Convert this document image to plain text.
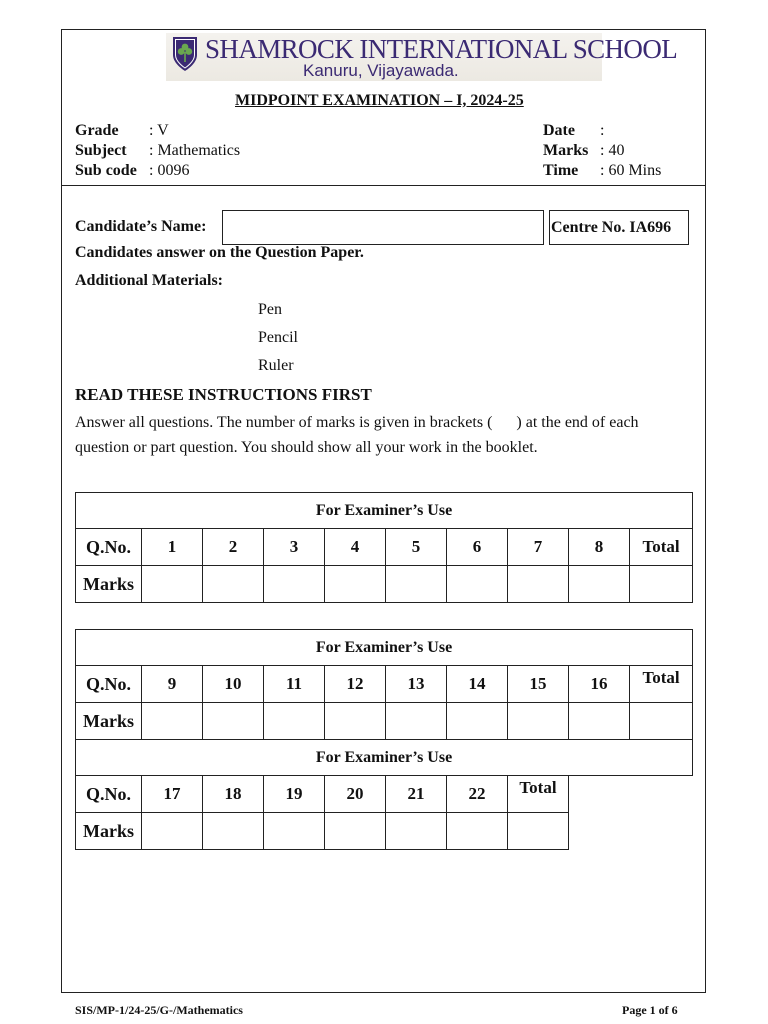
SHAMROCK INTERNATIONAL SCHOOL
Kanuru, Vijayawada.
MIDPOINT EXAMINATION – I, 2024-25
Grade : V
Subject : Mathematics
Sub code : 0096
Date :
Marks : 40
Time : 60 Mins
Candidate’s Name:	Centre No. IA696
Candidates answer on the Question Paper.
Additional Materials:
Pen
Pencil
Ruler
READ THESE INSTRUCTIONS FIRST
Answer all questions. The number of marks is given in brackets (      ) at the end of each
question or part question. You should show all your work in the booklet.
For Examiner’s Use									
Q.No.	1	2	3	4	5	6	7	8	Total
Marks									
For Examiner’s Use									
Q.No.	9	10	11	12	13	14	15	16	Total
Marks									
For Examiner’s Use									
Q.No.	17	18	19	20	21	22	Total		
Marks									
SIS/MP-1/24-25/G-/Mathematics	Page 1 of 6
